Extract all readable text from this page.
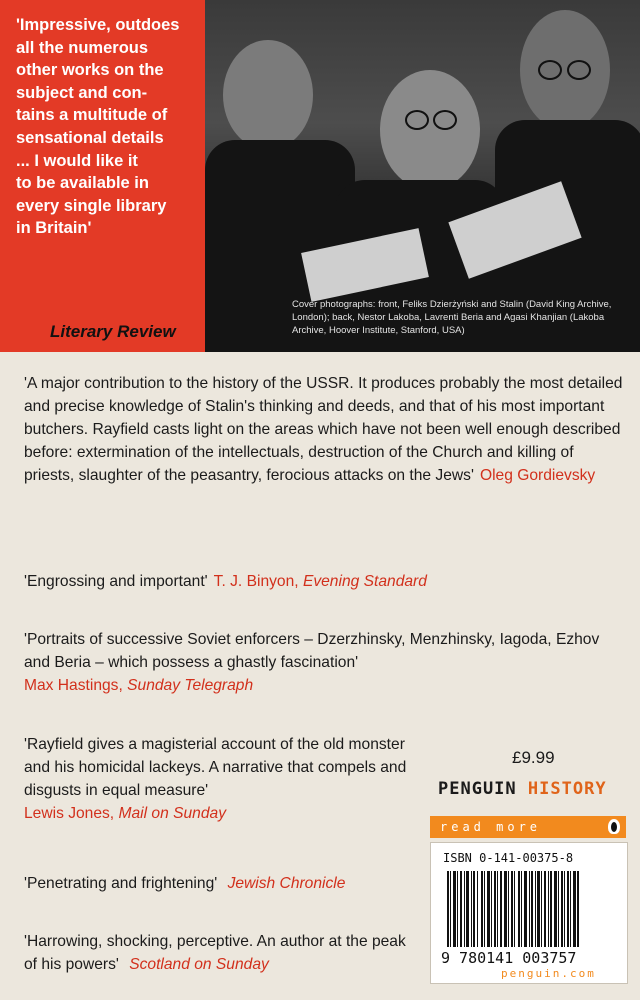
'Impressive, outdoes
all the numerous
other works on the
subject and con-
tains a multitude of
sensational details
... I would like it
to be available in
every single library
in Britain'
Literary Review
Cover photographs: front, Feliks Dzierżyński and Stalin (David King Archive, London); back, Nestor Lakoba, Lavrenti Beria and Agasi Khanjian (Lakoba Archive, Hoover Institute, Stanford, USA)
'A major contribution to the history of the USSR. It produces probably the most detailed and precise knowledge of Stalin's thinking and deeds, and that of his most important butchers. Rayfield casts light on the areas which have not been well enough described before: extermination of the intellectuals, destruction of the Church and killing of priests, slaughter of the peasantry, ferocious attacks on the Jews' Oleg Gordievsky
'Engrossing and important' T. J. Binyon, Evening Standard
'Portraits of successive Soviet enforcers – Dzerzhinsky, Menzhinsky, Iagoda, Ezhov and Beria – which possess a ghastly fascination'
Max Hastings, Sunday Telegraph
'Rayfield gives a magisterial account of the old monster and his homicidal lackeys. A narrative that compels and disgusts in equal measure'
Lewis Jones, Mail on Sunday
'Penetrating and frightening' Jewish Chronicle
'Harrowing, shocking, perceptive. An author at the peak of his powers' Scotland on Sunday
£9.99
PENGUIN HISTORY
read more
ISBN 0-141-00375-8
9 780141 003757
penguin.com
